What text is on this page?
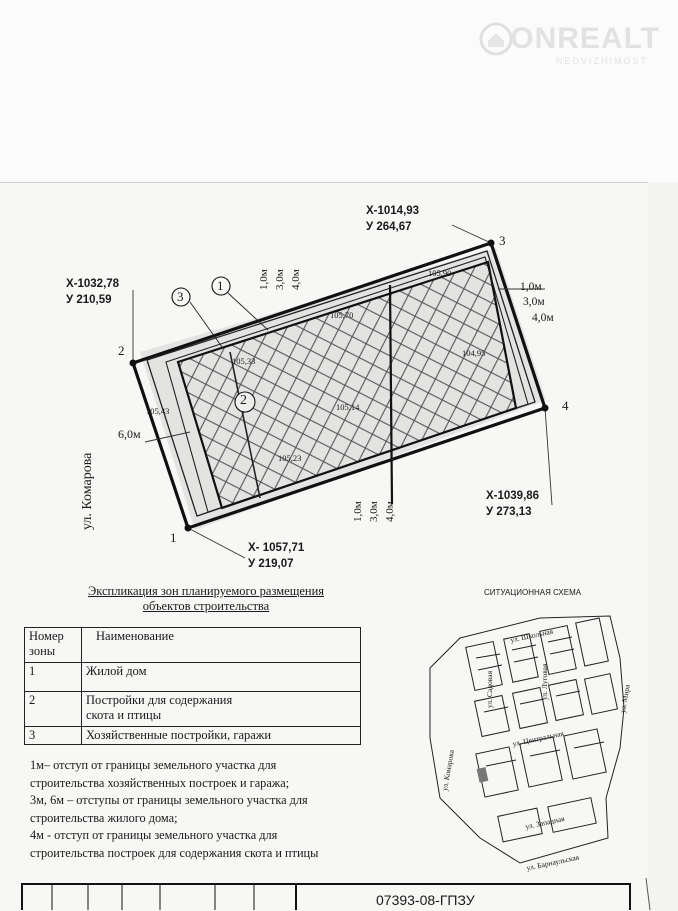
ONREALT
NEDVIZHIMOST
3
1
2
2
3
4
1
Х-1014,93
У 264,67
Х-1032,78
У 210,59
Х-1039,86
У 273,13
Х- 1057,71
У 219,07
1,0м 3,0м 4,0м	1,0м
3,0м
4,0м
1,0м 3,0м 4,0м
6,0м
105,33
105,43
105,23
105,14
104,95
105,70
105,90
ул. Комарова
Экспликация зон планируемого размещения
объектов строительства
Номер
зоны	Наименование
1	Жилой дом
2	Постройки для содержания
скота и птицы

3	Хозяйственные постройки, гаражи
1м– отступ от границы земельного участка для
строительства хозяйственных построек и гаража;
3м, 6м – отступы от границы земельного участка для
строительства жилого дома;
4м - отступ от границы земельного участка для
строительства построек для содержания скота и птицы
СИТУАЦИОННАЯ СХЕМА
ул. Школьная
ул. Садовая	ул. Луговая
ул. Центральная
ул. Комарова
ул. Западная
ул. Барнаульская
ул. Мира
07393-08-ГПЗУ
